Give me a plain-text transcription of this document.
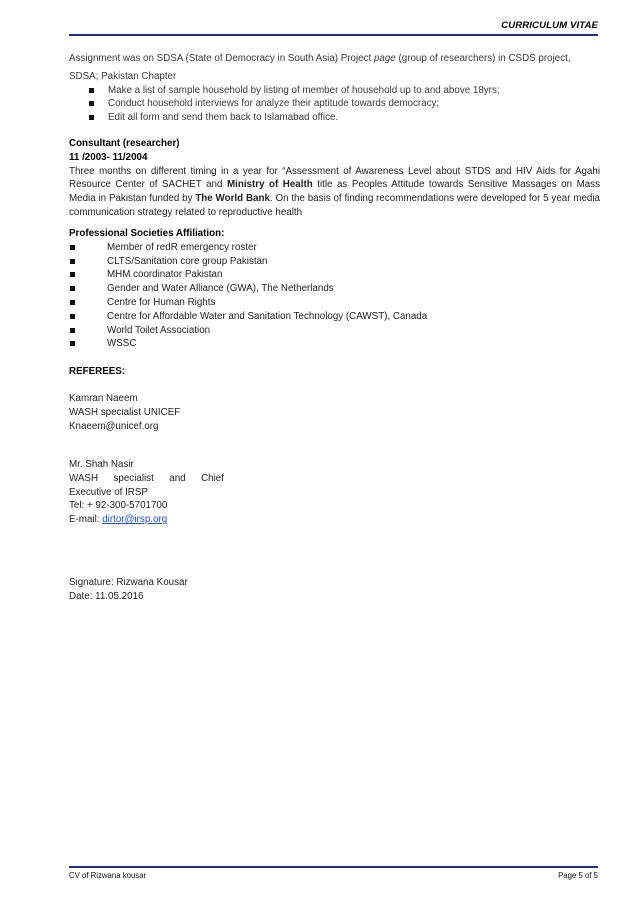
CURRICULUM VITAE
Assignment was on SDSA (State of Democracy in South Asia) Project page (group of researchers) in CSDS project,
SDSA; Pakistan Chapter
Make a list of sample household by listing of member of household up to and above 18yrs;
Conduct household interviews for analyze their aptitude towards democracy;
Edit all form and send them back to Islamabad office.
Consultant (researcher)
11 /2003- 11/2004
Three months on different timing in a year for “Assessment of Awareness Level about STDS and HIV Aids for Agahi Resource Center of SACHET and Ministry of Health title as Peoples Attitude towards Sensitive Massages on Mass Media in Pakistan funded by The World Bank. On the basis of finding recommendations were developed for 5 year media communication strategy related to reproductive health
Professional Societies Affiliation:
Member of redR emergency roster
CLTS/Sanitation core group Pakistan
MHM coordinator Pakistan
Gender and Water Alliance (GWA), The Netherlands
Centre for Human Rights
Centre for Affordable Water and Sanitation Technology (CAWST), Canada
World Toilet Association
WSSC
REFEREES:
Kamran Naeem
WASH specialist UNICEF
Knaeem@unicef.org
Mr. Shah Nasir
WASH specialist and Chief
Executive of IRSP
Tel: + 92-300-5701700
E-mail: dirtor@irsp.org
Signature: Rizwana Kousar
Date: 11.05.2016
CV of Rizwana kousar	Page 5 of 5
